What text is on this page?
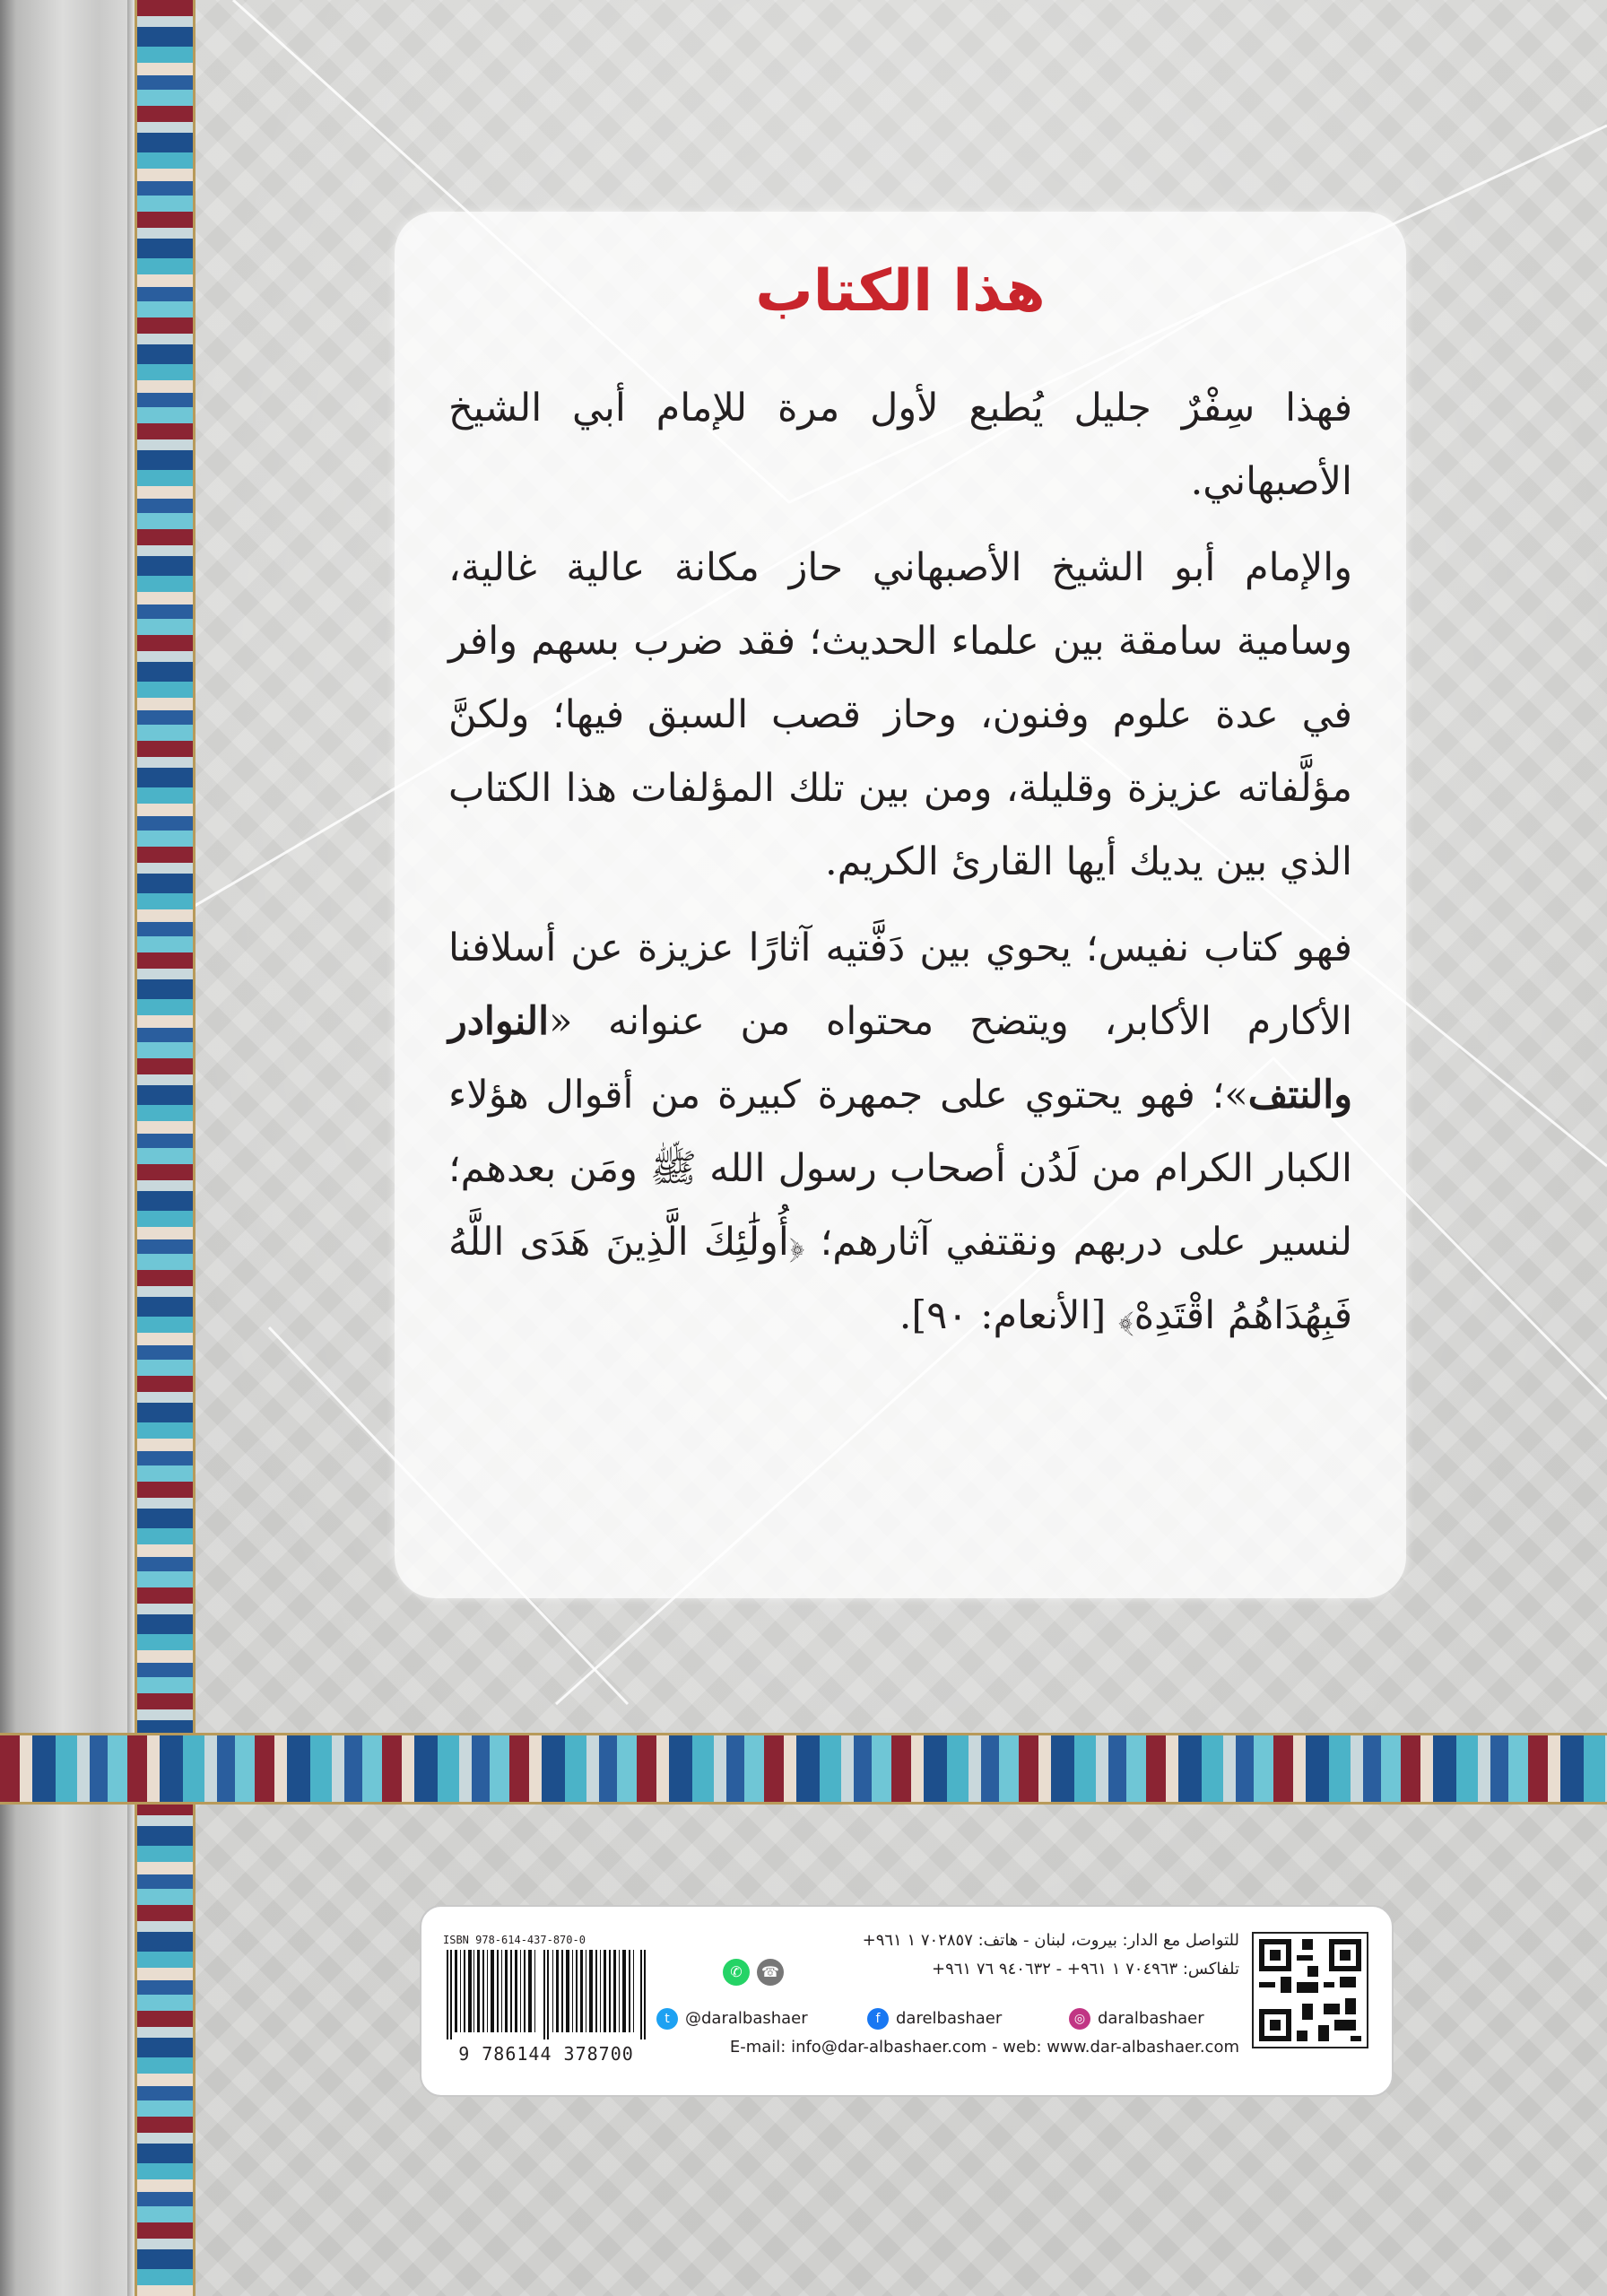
هذا الكتاب

فهذا سِفْرٌ جليل يُطبع لأول مرة للإمام أبي الشيخ الأصبهاني.

والإمام أبو الشيخ الأصبهاني حاز مكانة عالية غالية، وسامية سامقة بين علماء الحديث؛ فقد ضرب بسهم وافر في عدة علوم وفنون، وحاز قصب السبق فيها؛ ولكنَّ مؤلَّفاته عزيزة وقليلة، ومن بين تلك المؤلفات هذا الكتاب الذي بين يديك أيها القارئ الكريم.

فهو كتاب نفيس؛ يحوي بين دَفَّتيه آثارًا عزيزة عن أسلافنا الأكارم الأكابر، ويتضح محتواه من عنوانه «النوادر والنتف»؛ فهو يحتوي على جمهرة كبيرة من أقوال هؤلاء الكبار الكرام من لَدُن أصحاب رسول الله ﷺ ومَن بعدهم؛ لنسير على دربهم ونقتفي آثارهم؛ ﴿أُولَٰئِكَ الَّذِينَ هَدَى اللَّهُ فَبِهُدَاهُمُ اقْتَدِهْ﴾ [الأنعام: ٩٠].

للتواصل مع الدار: بيروت، لبنان - هاتف: ٧٠٢٨٥٧ ١ ٩٦١+
تلفاكس: ٧٠٤٩٦٣ ١ ٩٦١+ - ٩٤٠٦٣٢ ٧٦ ٩٦١+
✆ ☎
t @daralbashaer	f darelbashaer	◎ daralbashaer
E-mail: info@dar-albashaer.com - web: www.dar-albashaer.com
ISBN 978-614-437-870-0
9 786144 378700
